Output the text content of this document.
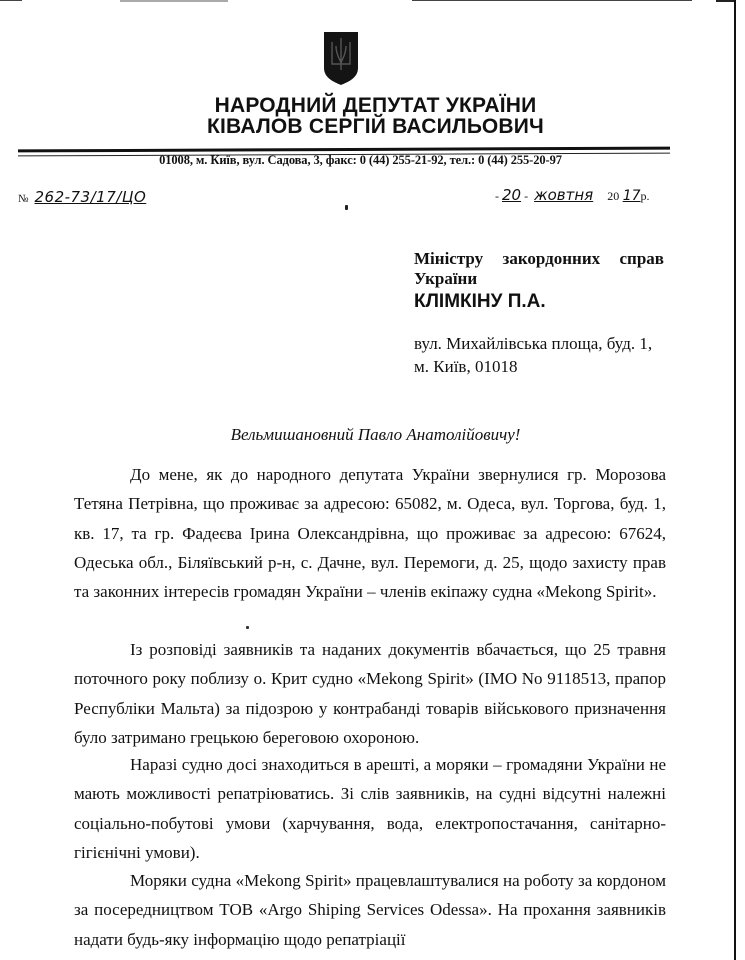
НАРОДНИЙ ДЕПУТАТ УКРАЇНИ
КІВАЛОВ СЕРГІЙ ВАСИЛЬОВИЧ
01008, м. Київ, вул. Садова, 3, факс: 0 (44) 255-21-92, тел.: 0 (44) 255-20-97
№ 262-73/17/ЦО	- 20 - жовтня 20 17р.
Міністру закордонних справ
України
КЛІМКІНУ П.А.
вул. Михайлівська площа, буд. 1,
м. Київ, 01018
Вельмишановний Павло Анатолійовичу!

До мене, як до народного депутата України звернулися гр. Морозова Тетяна Петрівна, що проживає за адресою: 65082, м. Одеса, вул. Торгова, буд. 1, кв. 17, та гр. Фадеєва Ірина Олександрівна, що проживає за адресою: 67624, Одеська обл., Біляївський р-н, с. Дачне, вул. Перемоги, д. 25, щодо захисту прав та законних інтересів громадян України – членів екіпажу судна «Mekong Spirit».

Із розповіді заявників та наданих документів вбачається, що 25 травня поточного року поблизу о. Крит судно «Mekong Spirit» (IMO No 9118513, прапор Республіки Мальта) за підозрою у контрабанді товарів військового призначення було затримано грецькою береговою охороною.

Наразі судно досі знаходиться в арешті, а моряки – громадяни України не мають можливості репатріюватись. Зі слів заявників, на судні відсутні належні соціально-побутові умови (харчування, вода, електропостачання, санітарно-гігієнічні умови).

Моряки судна «Mekong Spirit» працевлаштувалися на роботу за кордоном за посередництвом ТОВ «Argo Shiping Services Odessa». На прохання заявників надати будь-яку інформацію щодо репатріації
